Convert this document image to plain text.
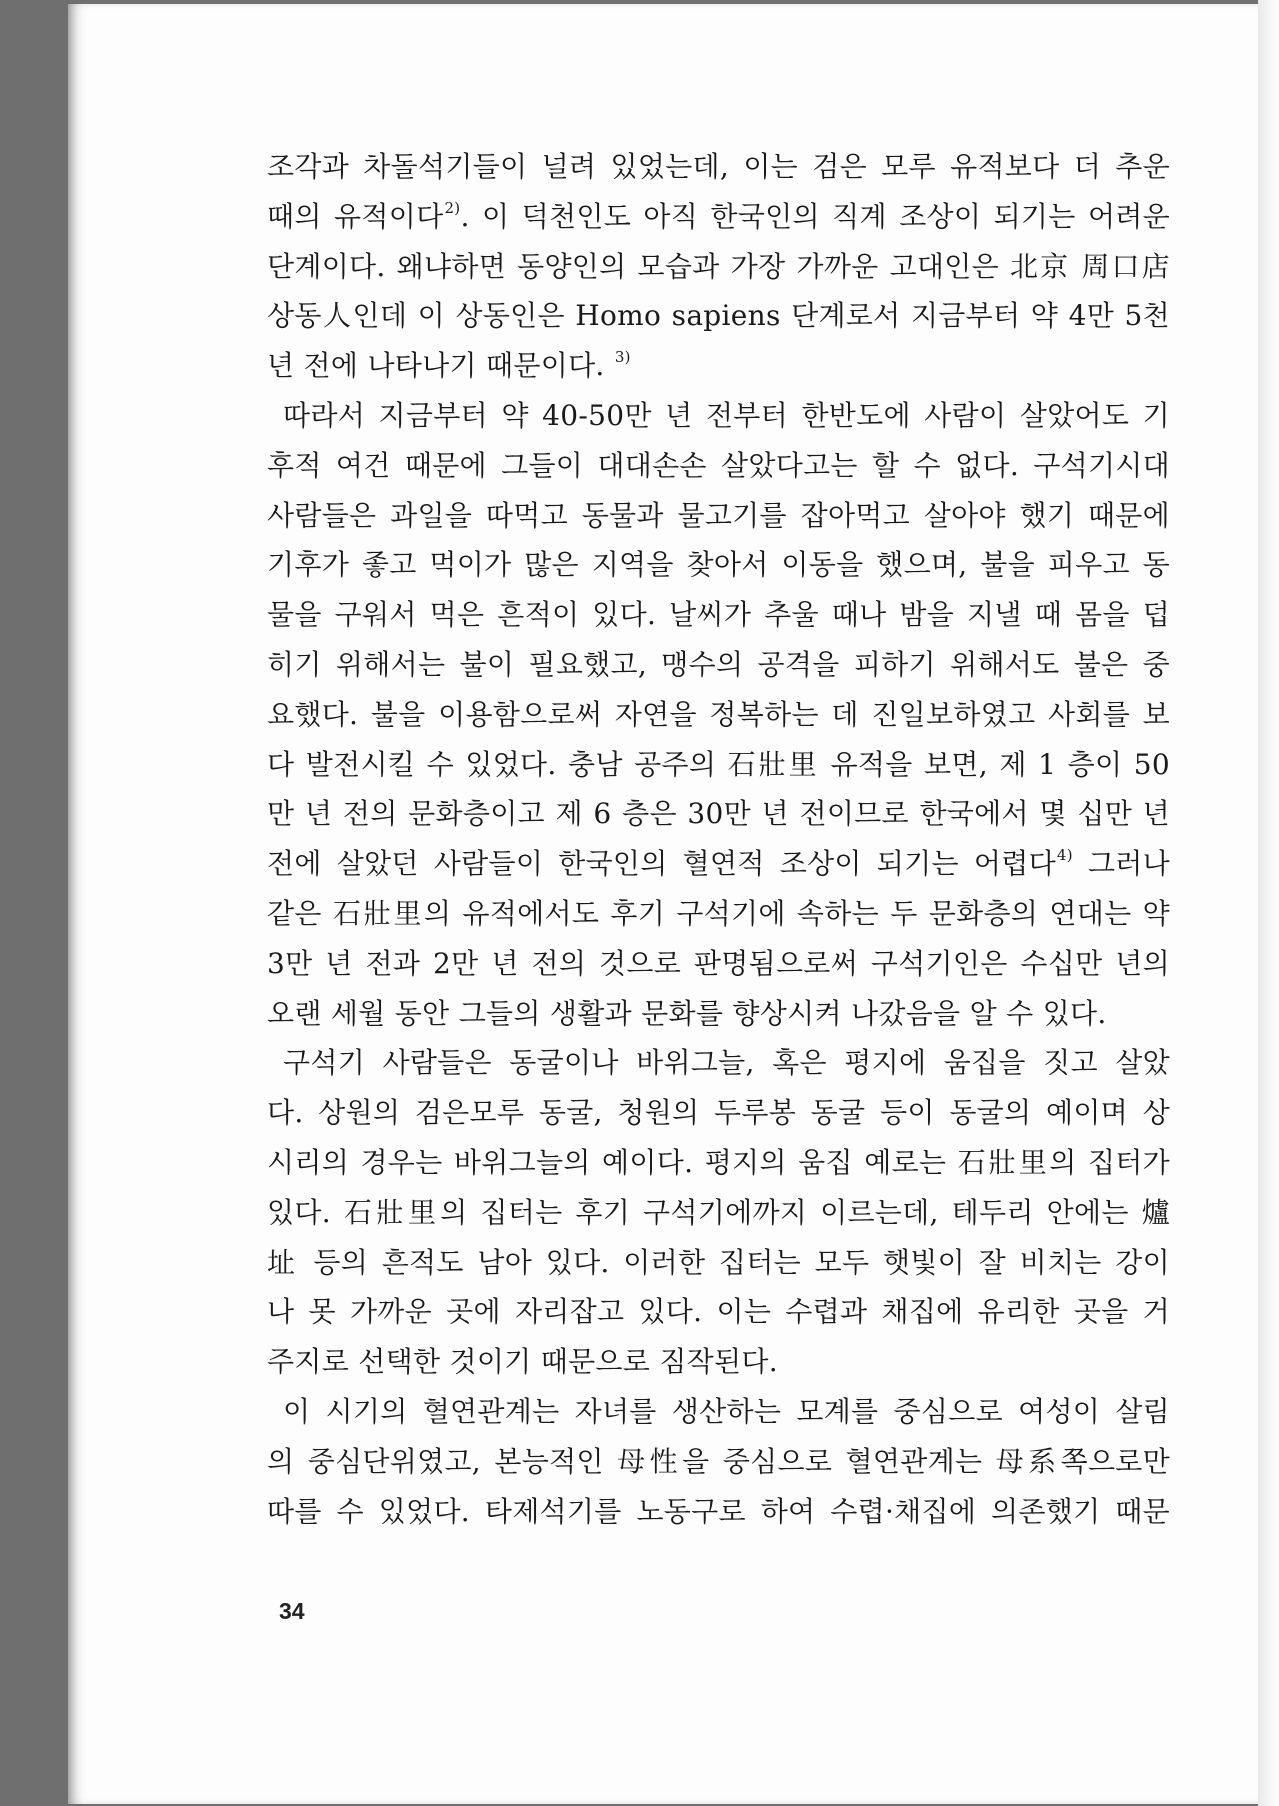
조각과 차돌석기들이 널려 있었는데, 이는 검은 모루 유적보다 더 추운
때의 유적이다$^{2)}$. 이 덕천인도 아직 한국인의 직계 조상이 되기는 어려운
단계이다. 왜냐하면 동양인의 모습과 가장 가까운 고대인은 北京 周口店
상동人인데 이 상동인은 Homo sapiens 단계로서 지금부터 약 4만 5천
년 전에 나타나기 때문이다. $^{3)}$
따라서 지금부터 약 40-50만 년 전부터 한반도에 사람이 살았어도 기
후적 여건 때문에 그들이 대대손손 살았다고는 할 수 없다. 구석기시대
사람들은 과일을 따먹고 동물과 물고기를 잡아먹고 살아야 했기 때문에
기후가 좋고 먹이가 많은 지역을 찾아서 이동을 했으며, 불을 피우고 동
물을 구워서 먹은 흔적이 있다. 날씨가 추울 때나 밤을 지낼 때 몸을 덥
히기 위해서는 불이 필요했고, 맹수의 공격을 피하기 위해서도 불은 중
요했다. 불을 이용함으로써 자연을 정복하는 데 진일보하였고 사회를 보
다 발전시킬 수 있었다. 충남 공주의 石壯里 유적을 보면, 제 1 층이 50
만 년 전의 문화층이고 제 6 층은 30만 년 전이므로 한국에서 몇 십만 년
전에 살았던 사람들이 한국인의 혈연적 조상이 되기는 어렵다$^{4)}$ 그러나
같은 石壯里의 유적에서도 후기 구석기에 속하는 두 문화층의 연대는 약
3만 년 전과 2만 년 전의 것으로 판명됨으로써 구석기인은 수십만 년의
오랜 세월 동안 그들의 생활과 문화를 향상시켜 나갔음을 알 수 있다.
구석기 사람들은 동굴이나 바위그늘, 혹은 평지에 움집을 짓고 살았
다. 상원의 검은모루 동굴, 청원의 두루봉 동굴 등이 동굴의 예이며 상
시리의 경우는 바위그늘의 예이다. 평지의 움집 예로는 石壯里의 집터가
있다. 石壯里의 집터는 후기 구석기에까지 이르는데, 테두리 안에는 爐
址 등의 흔적도 남아 있다. 이러한 집터는 모두 햇빛이 잘 비치는 강이
나 못 가까운 곳에 자리잡고 있다. 이는 수렵과 채집에 유리한 곳을 거
주지로 선택한 것이기 때문으로 짐작된다.
이 시기의 혈연관계는 자녀를 생산하는 모계를 중심으로 여성이 살림
의 중심단위였고, 본능적인 母性을 중심으로 혈연관계는 母系쪽으로만
따를 수 있었다. 타제석기를 노동구로 하여 수렵·채집에 의존했기 때문
34
